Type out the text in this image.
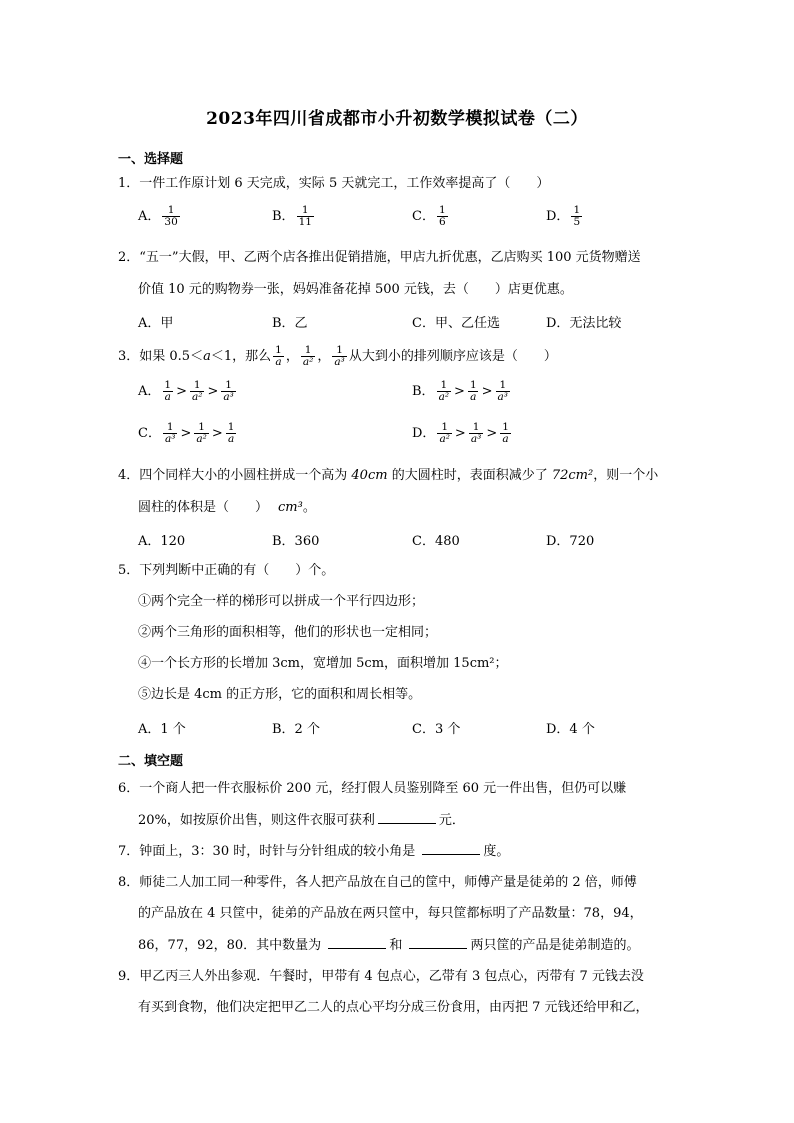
2023年四川省成都市小升初数学模拟试卷（二）
一、选择题
1．一件工作原计划 6 天完成，实际 5 天就完工，工作效率提高了（　　）
A． $\frac{1}{30}$	B． $\frac{1}{11}$	C． $\frac{1}{6}$	D． $\frac{1}{5}$
2．“五一”大假，甲、乙两个店各推出促销措施，甲店九折优惠，乙店购买 100 元货物赠送
价值 10 元的购物券一张，妈妈准备花掉 500 元钱，去（　　）店更优惠。
A．甲	B．乙	C．甲、乙任选	D．无法比较
3．如果 0.5＜a＜1，那么 $\frac{1}{a}$ ， $\frac{1}{\text{a²}}$ ， $\frac{1}{\text{a³}}$ 从大到小的排列顺序应该是（　　）
A． $\frac{1}{a} > \frac{1}{\text{a²}} > \frac{1}{\text{a³}}$	B． $\frac{1}{\text{a²}} > \frac{1}{a} > \frac{1}{\text{a³}}$
C． $\frac{1}{\text{a³}} > \frac{1}{\text{a²}} > \frac{1}{a}$	D． $\frac{1}{\text{a²}} > \frac{1}{\text{a³}} > \frac{1}{a}$
4．四个同样大小的小圆柱拼成一个高为 40cm 的大圆柱时，表面积减少了 72cm²，则一个小
圆柱的体积是（　　） cm³。
A．120	B．360	C．480	D．720
5．下列判断中正确的有（　　）个。
①两个完全一样的梯形可以拼成一个平行四边形；
②两个三角形的面积相等，他们的形状也一定相同；
④一个长方形的长增加 3cm，宽增加 5cm，面积增加 15cm²；
⑤边长是 4cm 的正方形，它的面积和周长相等。
A．1 个	B．2 个	C．3 个	D．4 个
二、填空题
6．一个商人把一件衣服标价 200 元，经打假人员鉴别降至 60 元一件出售，但仍可以赚
20%，如按原价出售，则这件衣服可获利	元．
7．钟面上，3：30 时，时针与分针组成的较小角是	度。
8．师徒二人加工同一种零件，各人把产品放在自己的筐中，师傅产量是徒弟的 2 倍，师傅
的产品放在 4 只筐中，徒弟的产品放在两只筐中，每只筐都标明了产品数量：78，94，
86，77，92，80．其中数量为	和	两只筐的产品是徒弟制造的。
9．甲乙丙三人外出参观．午餐时，甲带有 4 包点心，乙带有 3 包点心，丙带有 7 元钱去没
有买到食物，他们决定把甲乙二人的点心平均分成三份食用，由丙把 7 元钱还给甲和乙，
